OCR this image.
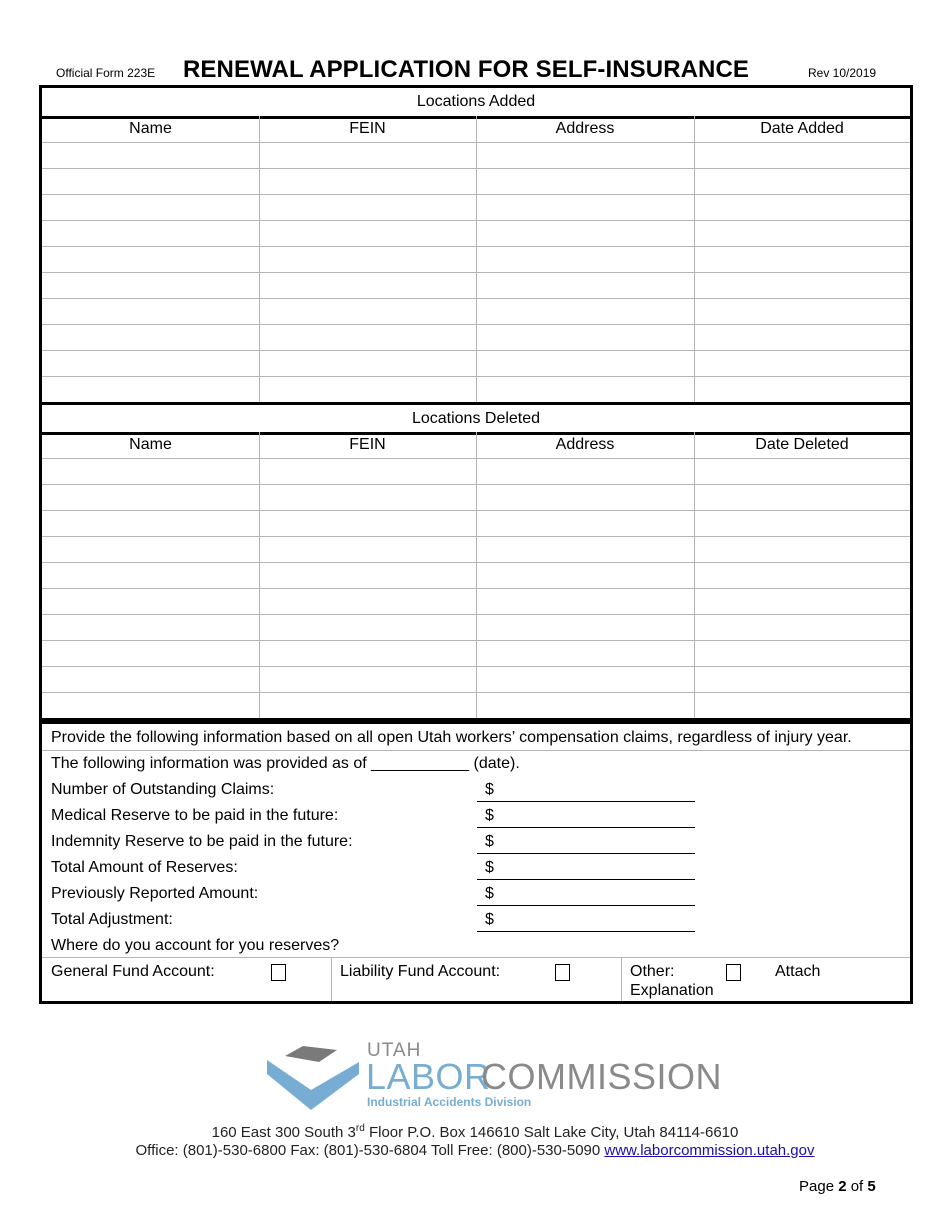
Official Form 223E RENEWAL APPLICATION FOR SELF-INSURANCE	Rev 10/2019
Locations Added
Name	FEIN	Address	Date Added
Locations Deleted
Name	FEIN	Address	Date Deleted
Provide the following information based on all open Utah workers’ compensation claims, regardless of injury year.
The following information was provided as of ___________ (date).
Number of Outstanding Claims:	$
Medical Reserve to be paid in the future:	$
Indemnity Reserve to be paid in the future:	$
Total Amount of Reserves:	$
Previously Reported Amount:	$
Total Adjustment:	$
Where do you account for you reserves?
General Fund Account:	Liability Fund Account:	Other:	Attach
Explanation
UTAH
LABOR
COMMISSION
Industrial Accidents Division
160 East 300 South 3rd Floor P.O. Box 146610 Salt Lake City, Utah 84114-6610
Office: (801)-530-6800 Fax: (801)-530-6804 Toll Free: (800)-530-5090 www.laborcommission.utah.gov
Page 2 of 5
